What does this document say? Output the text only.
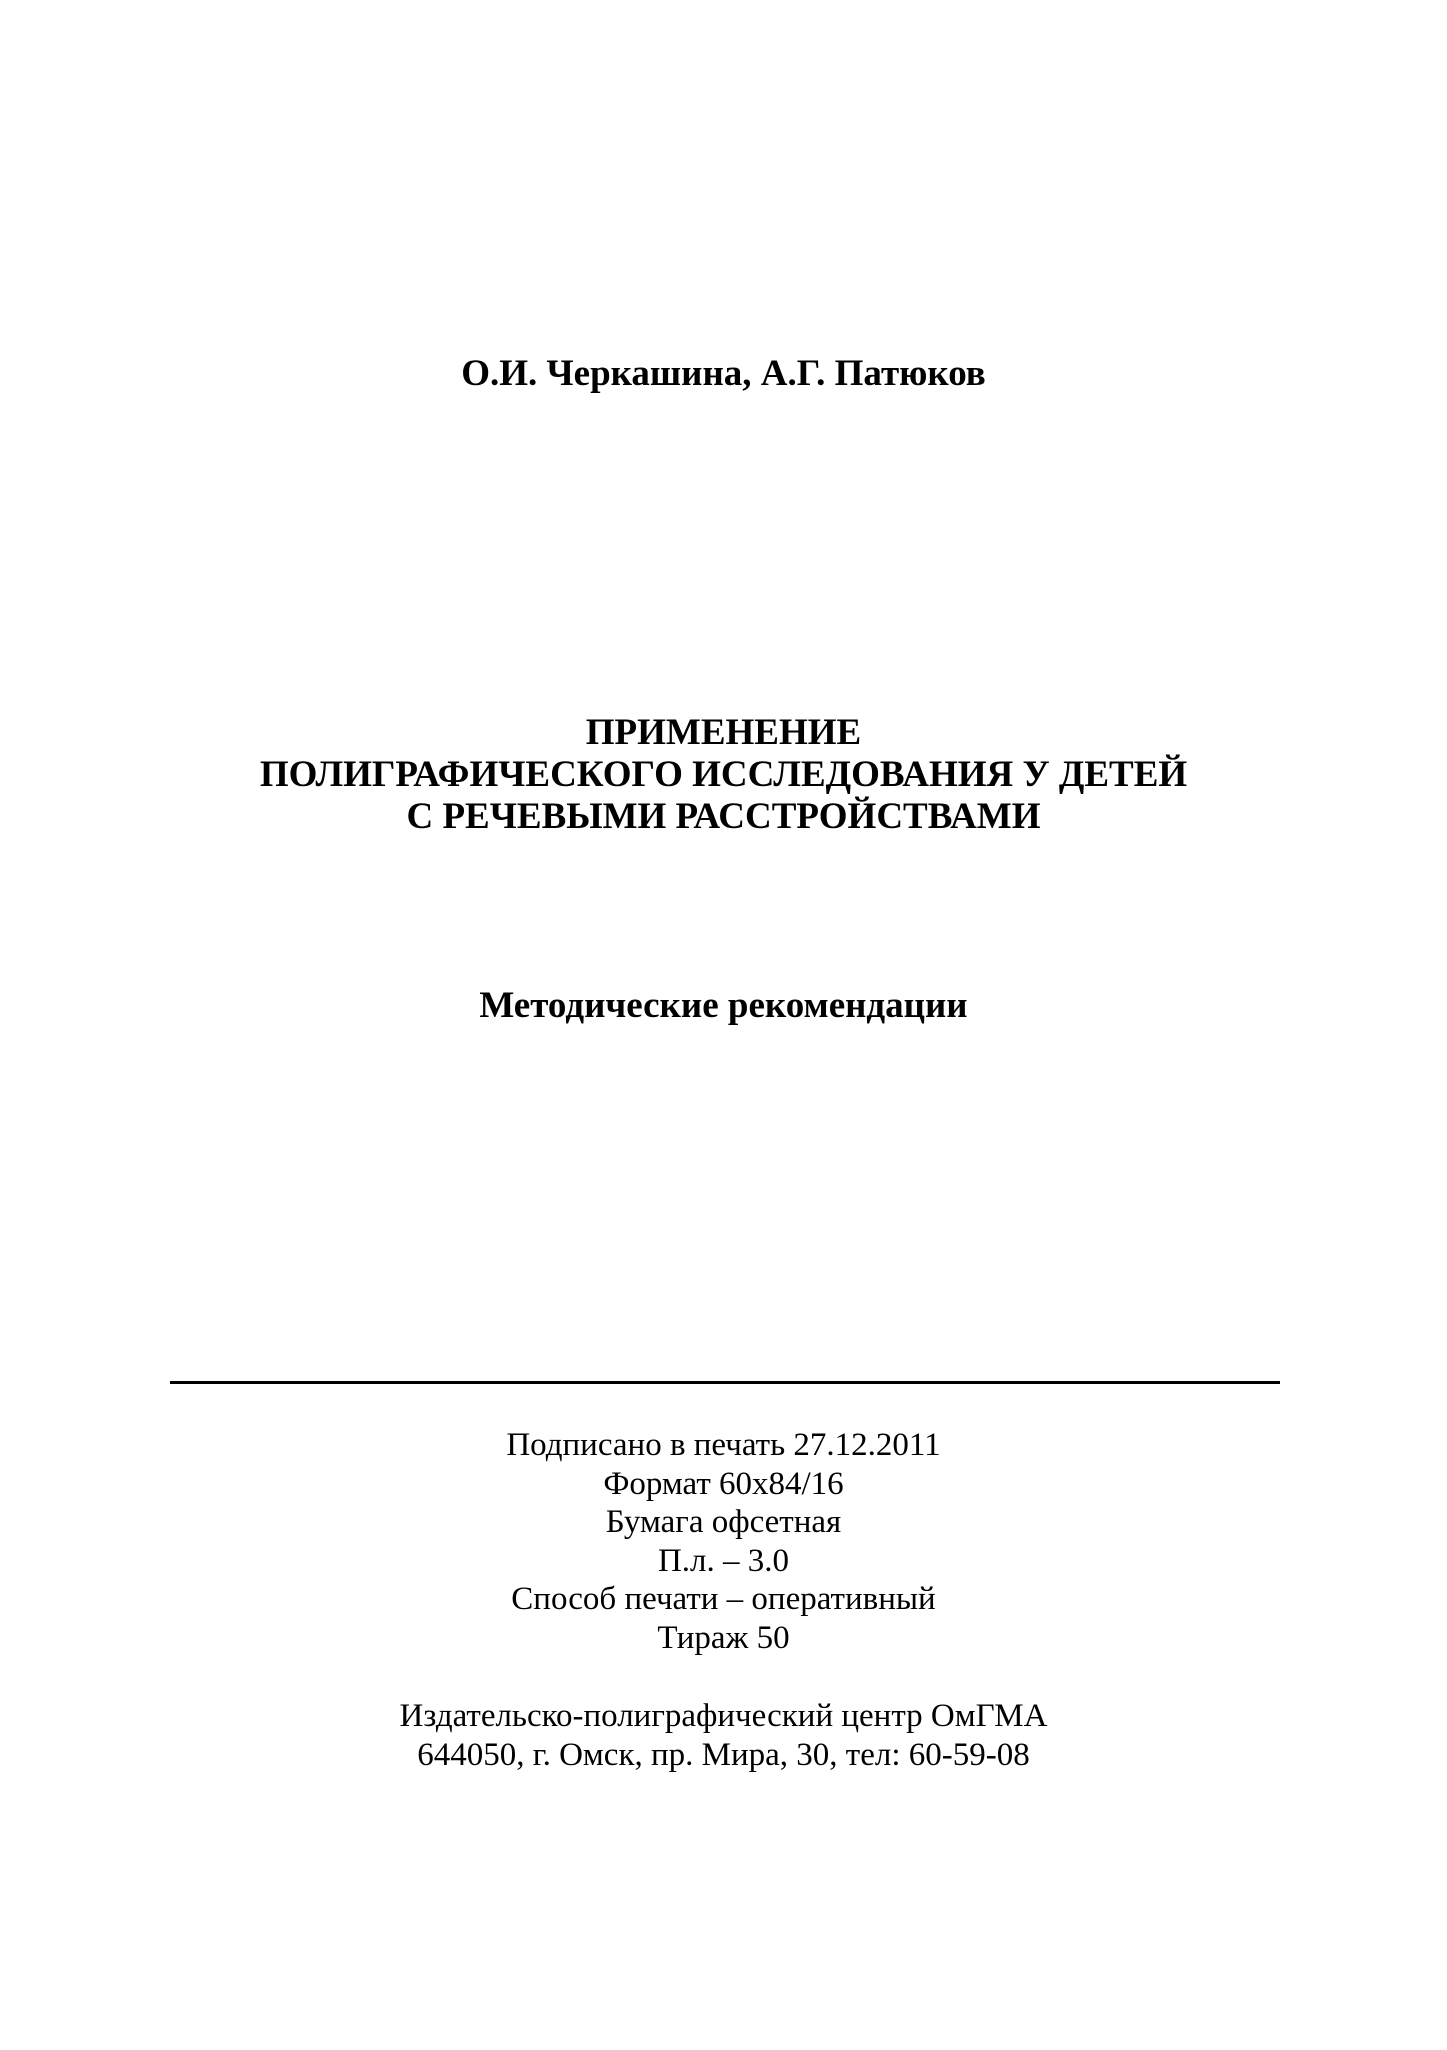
О.И. Черкашина, А.Г. Патюков
ПРИМЕНЕНИЕ
ПОЛИГРАФИЧЕСКОГО ИССЛЕДОВАНИЯ У ДЕТЕЙ
С РЕЧЕВЫМИ РАССТРОЙСТВАМИ
Методические рекомендации
Подписано в печать 27.12.2011
Формат 60х84/16
Бумага офсетная
П.л. – 3.0
Способ печати – оперативный
Тираж 50
Издательско-полиграфический центр ОмГМА
644050, г. Омск, пр. Мира, 30, тел: 60-59-08
